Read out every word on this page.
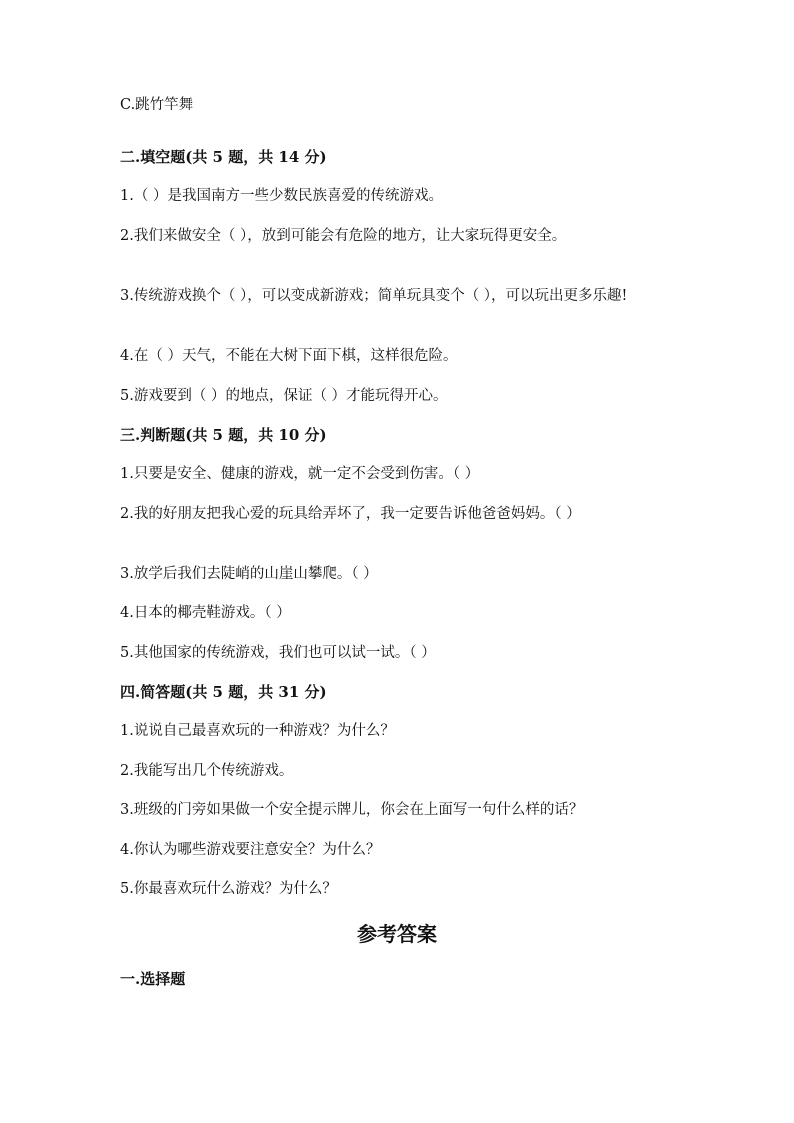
C.跳竹竿舞
二.填空题(共 5 题，共 14 分)
1.（ ）是我国南方一些少数民族喜爱的传统游戏。
2.我们来做安全（ ），放到可能会有危险的地方，让大家玩得更安全。
3.传统游戏换个（ ），可以变成新游戏；简单玩具变个（ ），可以玩出更多乐趣!
4.在（ ）天气，不能在大树下面下棋，这样很危险。
5.游戏要到（ ）的地点，保证（ ）才能玩得开心。
三.判断题(共 5 题，共 10 分)
1.只要是安全、健康的游戏，就一定不会受到伤害。（ ）
2.我的好朋友把我心爱的玩具给弄坏了，我一定要告诉他爸爸妈妈。（ ）
3.放学后我们去陡峭的山崖山攀爬。（ ）
4.日本的椰壳鞋游戏。（ ）
5.其他国家的传统游戏，我们也可以试一试。（ ）
四.简答题(共 5 题，共 31 分)
1.说说自己最喜欢玩的一种游戏？为什么？
2.我能写出几个传统游戏。
3.班级的门旁如果做一个安全提示牌儿，你会在上面写一句什么样的话？
4.你认为哪些游戏要注意安全？为什么？
5.你最喜欢玩什么游戏？为什么？
参考答案
一.选择题
